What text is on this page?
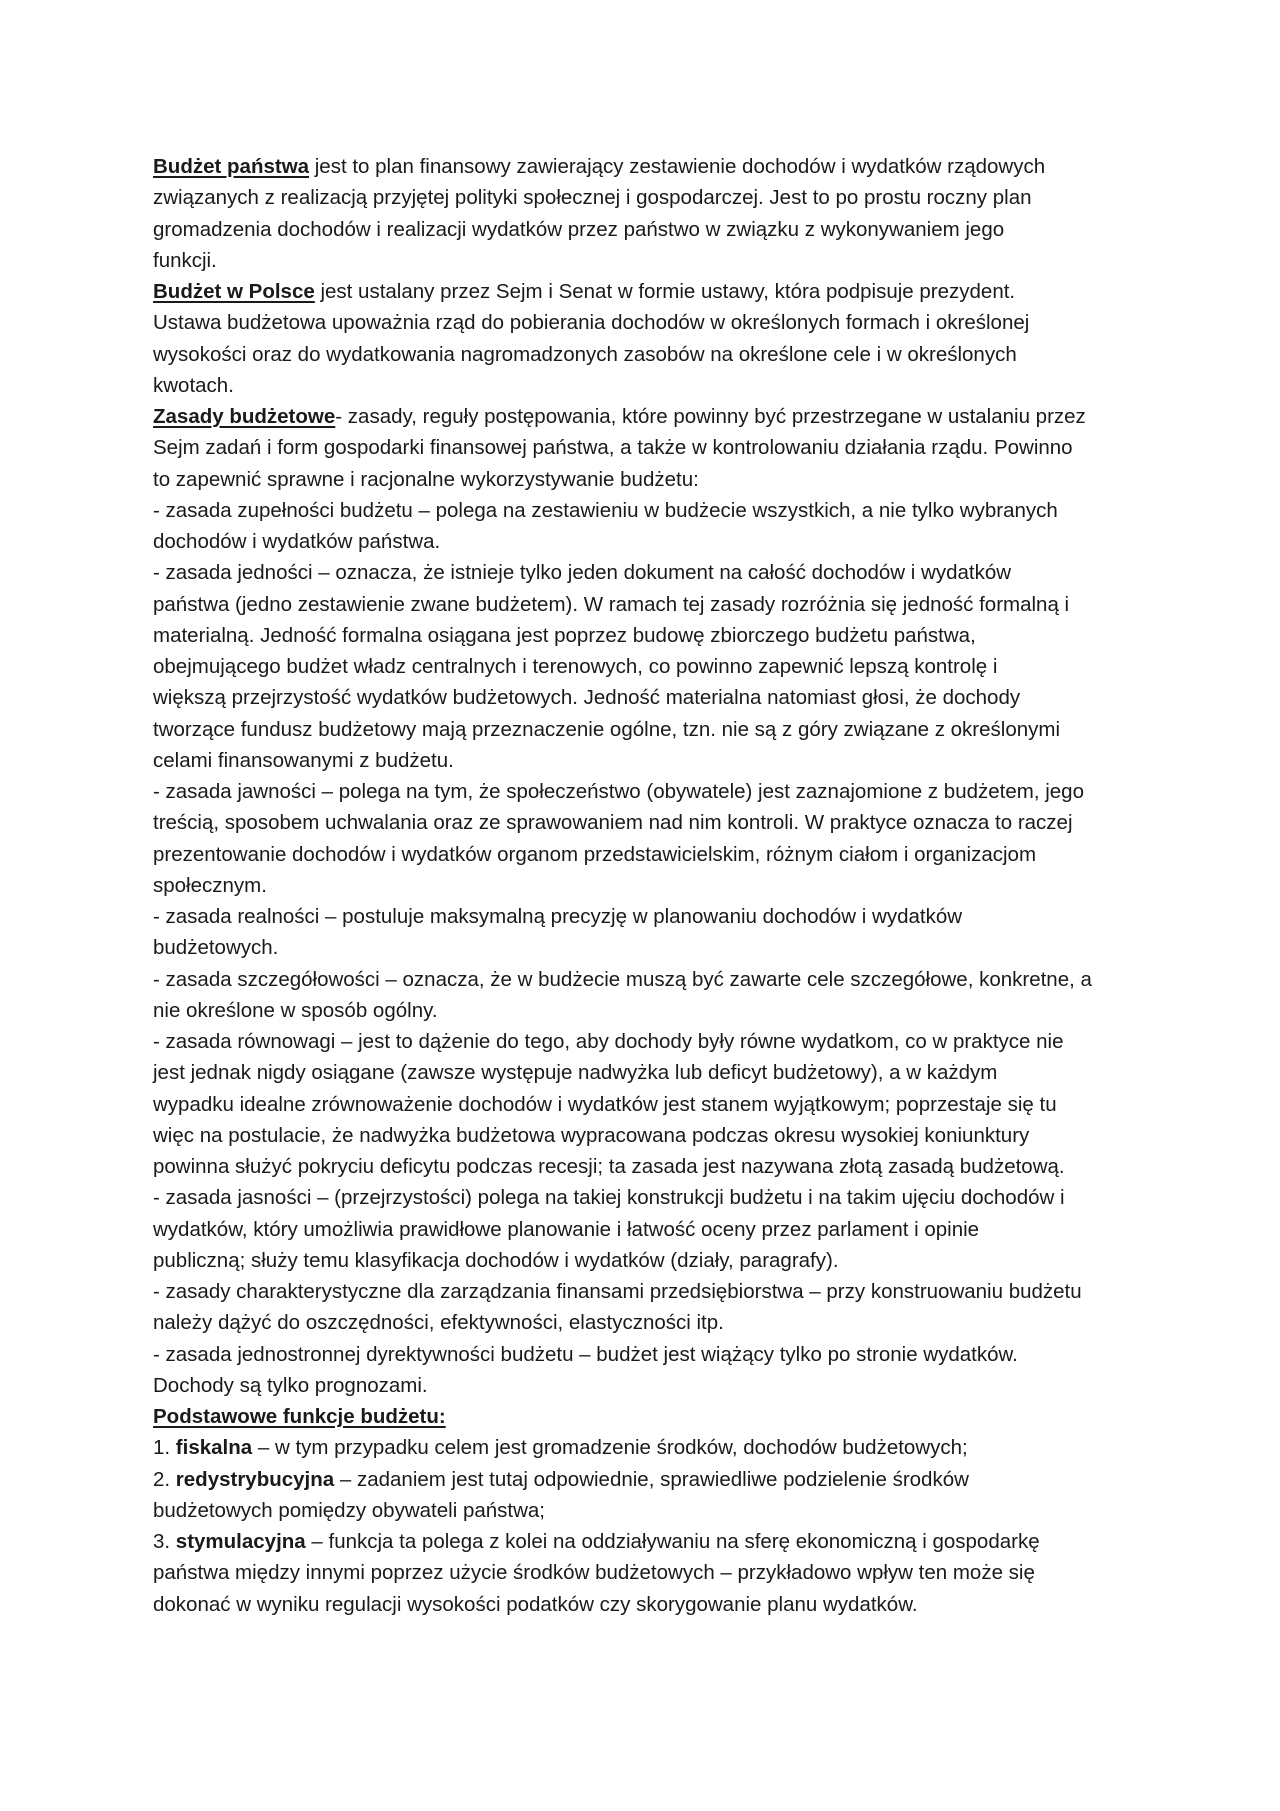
Budżet państwa jest to plan finansowy zawierający zestawienie dochodów i wydatków rządowych
związanych z realizacją przyjętej polityki społecznej i gospodarczej. Jest to po prostu roczny plan
gromadzenia dochodów i realizacji wydatków przez państwo w związku z wykonywaniem jego
funkcji.
Budżet w Polsce jest ustalany przez Sejm i Senat w formie ustawy, która podpisuje prezydent.
Ustawa budżetowa upoważnia rząd do pobierania dochodów w określonych formach i określonej
wysokości oraz do wydatkowania nagromadzonych zasobów na określone cele i w określonych
kwotach.
Zasady budżetowe- zasady, reguły postępowania, które powinny być przestrzegane w ustalaniu przez
Sejm zadań i form gospodarki finansowej państwa, a także w kontrolowaniu działania rządu. Powinno
to zapewnić sprawne i racjonalne wykorzystywanie budżetu:
- zasada zupełności budżetu – polega na zestawieniu w budżecie wszystkich, a nie tylko wybranych
dochodów i wydatków państwa.
- zasada jedności – oznacza, że istnieje tylko jeden dokument na całość dochodów i wydatków
państwa (jedno zestawienie zwane budżetem). W ramach tej zasady rozróżnia się jedność formalną i
materialną. Jedność formalna osiągana jest poprzez budowę zbiorczego budżetu państwa,
obejmującego budżet władz centralnych i terenowych, co powinno zapewnić lepszą kontrolę i
większą przejrzystość wydatków budżetowych. Jedność materialna natomiast głosi, że dochody
tworzące fundusz budżetowy mają przeznaczenie ogólne, tzn. nie są z góry związane z określonymi
celami finansowanymi z budżetu.
- zasada jawności – polega na tym, że społeczeństwo (obywatele) jest zaznajomione z budżetem, jego
treścią, sposobem uchwalania oraz ze sprawowaniem nad nim kontroli. W praktyce oznacza to raczej
prezentowanie dochodów i wydatków organom przedstawicielskim, różnym ciałom i organizacjom
społecznym.
- zasada realności – postuluje maksymalną precyzję w planowaniu dochodów i wydatków
budżetowych.
- zasada szczegółowości – oznacza, że w budżecie muszą być zawarte cele szczegółowe, konkretne, a
nie określone w sposób ogólny.
- zasada równowagi – jest to dążenie do tego, aby dochody były równe wydatkom, co w praktyce nie
jest jednak nigdy osiągane (zawsze występuje nadwyżka lub deficyt budżetowy), a w każdym
wypadku idealne zrównoważenie dochodów i wydatków jest stanem wyjątkowym; poprzestaje się tu
więc na postulacie, że nadwyżka budżetowa wypracowana podczas okresu wysokiej koniunktury
powinna służyć pokryciu deficytu podczas recesji; ta zasada jest nazywana złotą zasadą budżetową.
- zasada jasności – (przejrzystości) polega na takiej konstrukcji budżetu i na takim ujęciu dochodów i
wydatków, który umożliwia prawidłowe planowanie i łatwość oceny przez parlament i opinie
publiczną; służy temu klasyfikacja dochodów i wydatków (działy, paragrafy).
- zasady charakterystyczne dla zarządzania finansami przedsiębiorstwa – przy konstruowaniu budżetu
należy dążyć do oszczędności, efektywności, elastyczności itp.
- zasada jednostronnej dyrektywności budżetu – budżet jest wiążący tylko po stronie wydatków.
Dochody są tylko prognozami.
Podstawowe funkcje budżetu:
1. fiskalna – w tym przypadku celem jest gromadzenie środków, dochodów budżetowych;
2. redystrybucyjna – zadaniem jest tutaj odpowiednie, sprawiedliwe podzielenie środków
budżetowych pomiędzy obywateli państwa;
3. stymulacyjna – funkcja ta polega z kolei na oddziaływaniu na sferę ekonomiczną i gospodarkę
państwa między innymi poprzez użycie środków budżetowych – przykładowo wpływ ten może się
dokonać w wyniku regulacji wysokości podatków czy skorygowanie planu wydatków.
